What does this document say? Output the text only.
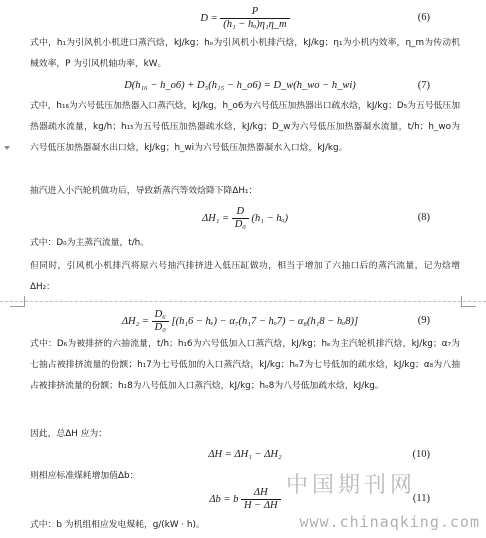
$D = \frac{P}{\text{(h₁ − hₒ)η₁η\_m}}$	(6)
式中，h₁为引风机小机进口蒸汽焓，kJ/kg；hₒ为引风机小机排汽焓，kJ/kg；η₁为小机内效率，η_m为传动机械效率，P 为引风机轴功率，kW。
D(h₁₆ − h_o6) + D₅(h₁₅ − h_o6) = D_w(h_wo − h_wi)	(7)
式中，h₁₆为六号低压加热器入口蒸汽焓，kJ/kg，h_o6为六号低压加热器出口疏水焓，kJ/kg；D₅为五号低压加热器疏水流量，kg/h；h₁₅为五号低压加热器疏水焓，kJ/kg；D_w为六号低压加热器凝水流量，t/h；h_wo为六号低压加热器凝水出口焓，kJ/kg；h_wi为六号低压加热器凝水入口焓，kJ/kg。
抽汽进入小汽轮机做功后，导致新蒸汽等效焓降下降ΔH₁：
$\Delta H_1 = \frac{D}{\text{D₀}} (h_1 - h_o)$	(8)
式中：D₀为主蒸汽流量，t/h。
但同时，引风机小机排汽将原六号抽汽排挤进入低压缸做功，相当于增加了六抽口后的蒸汽流量，记为焓增ΔH₂：
$\Delta H_2 = \frac{\text{D₆}}{\text{D₀}} [(h_16 - h_e) - \alpha_7(h_17 - h_o7) - \alpha_8(h_18 - h_o8)]$	(9)
式中：D₆为被排挤的六抽流量，t/h；h₁6为六号低加入口蒸汽焓，kJ/kg；hₑ为主汽轮机排汽焓，kJ/kg；α₇为七抽占被排挤流量的份额；h₁7为七号低加的入口蒸汽焓，kJ/kg；hₒ7为七号低加的疏水焓，kJ/kg；α₈为八抽占被排挤流量的份额；h₁8为八号低加入口蒸汽焓，kJ/kg；hₒ8为八号低加疏水焓，kJ/kg。
因此，总ΔH 应为：
ΔH = ΔH₁ − ΔH₂	(10)
则相应标准煤耗增加值Δb：
Δb = b $\frac{\Delta H}{H - \Delta H}$	(11)
式中：b 为机组相应发电煤耗，g/(kW · h)。
中国期刊网
www.chinaqking.com
